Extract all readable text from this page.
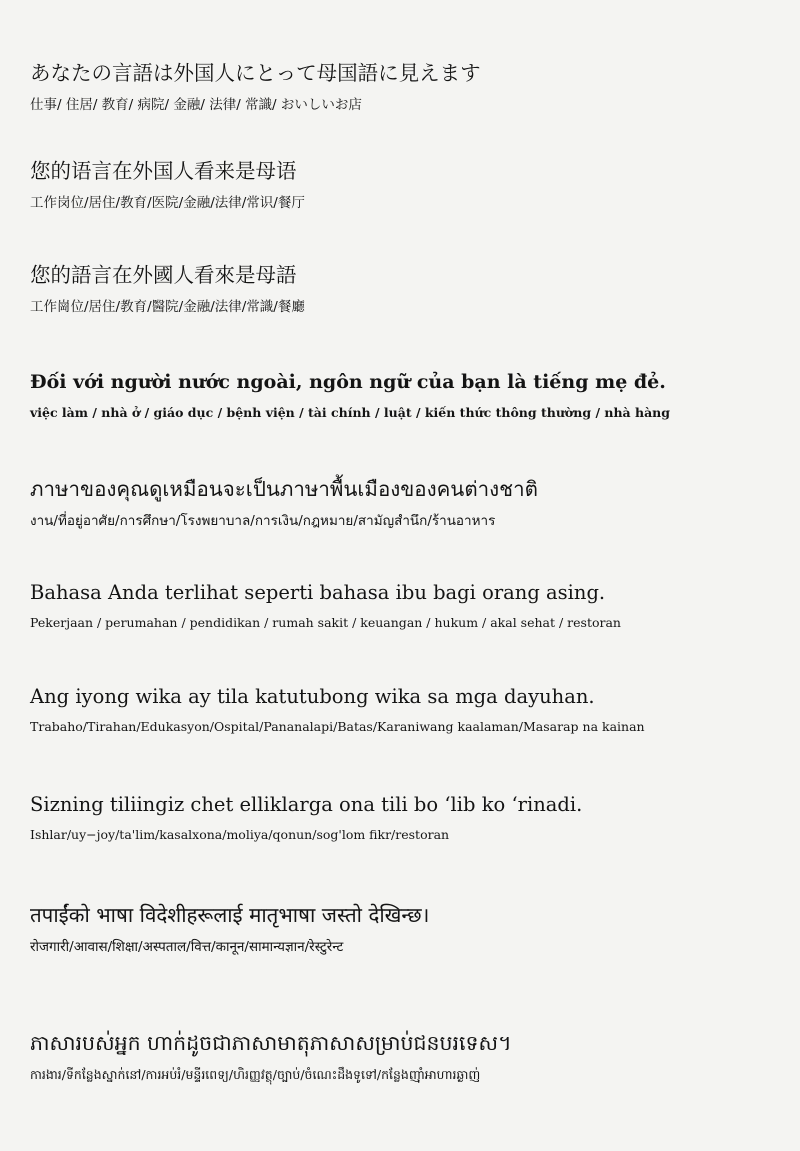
あなたの言語は外国人にとって母国語に見えます

仕事/ 住居/ 教育/ 病院/ 金融/ 法律/ 常識/ おいしいお店

您的语言在外国人看来是母语

工作岗位/居住/教育/医院/金融/法律/常识/餐厅

您的語言在外國人看來是母語

工作崗位/居住/教育/醫院/金融/法律/常識/餐廳

Đối với người nước ngoài, ngôn ngữ của bạn là tiếng mẹ đẻ.

việc làm / nhà ở / giáo dục / bệnh viện / tài chính / luật / kiến thức thông thường / nhà hàng

ภาษาของคุณดูเหมือนจะเป็นภาษาพื้นเมืองของคนต่างชาติ

งาน/ที่อยู่อาศัย/การศึกษา/โรงพยาบาล/การเงิน/กฎหมาย/สามัญสำนึก/ร้านอาหาร

Bahasa Anda terlihat seperti bahasa ibu bagi orang asing.

Pekerjaan / perumahan / pendidikan / rumah sakit / keuangan / hukum / akal sehat / restoran

Ang iyong wika ay tila katutubong wika sa mga dayuhan.

Trabaho/Tirahan/Edukasyon/Ospital/Pananalapi/Batas/Karaniwang kaalaman/Masarap na kainan

Sizning tiliingiz chet elliklarga ona tili bo ʻlib ko ʻrinadi.

Ishlar/uy−joy/ta'lim/kasalxona/moliya/qonun/sog'lom fikr/restoran

तपाईंको भाषा विदेशीहरूलाई मातृभाषा जस्तो देखिन्छ।

रोजगारी/आवास/शिक्षा/अस्पताल/वित्त/कानून/सामान्यज्ञान/रेस्टुरेन्ट

ភាសារបស់អ្នក ហាក់ដូចជាភាសាមាតុភាសាសម្រាប់ជនបរទេស។

ការងារ/ទីកន្លែងស្នាក់នៅ/ការអប់រំ/មន្ទីរពេទ្យ/ហិរញ្ញវត្ថុ/ច្បាប់/ចំណេះដឹងទូទៅ/កន្លែងញ៉ាំអាហារឆ្ងាញ់
